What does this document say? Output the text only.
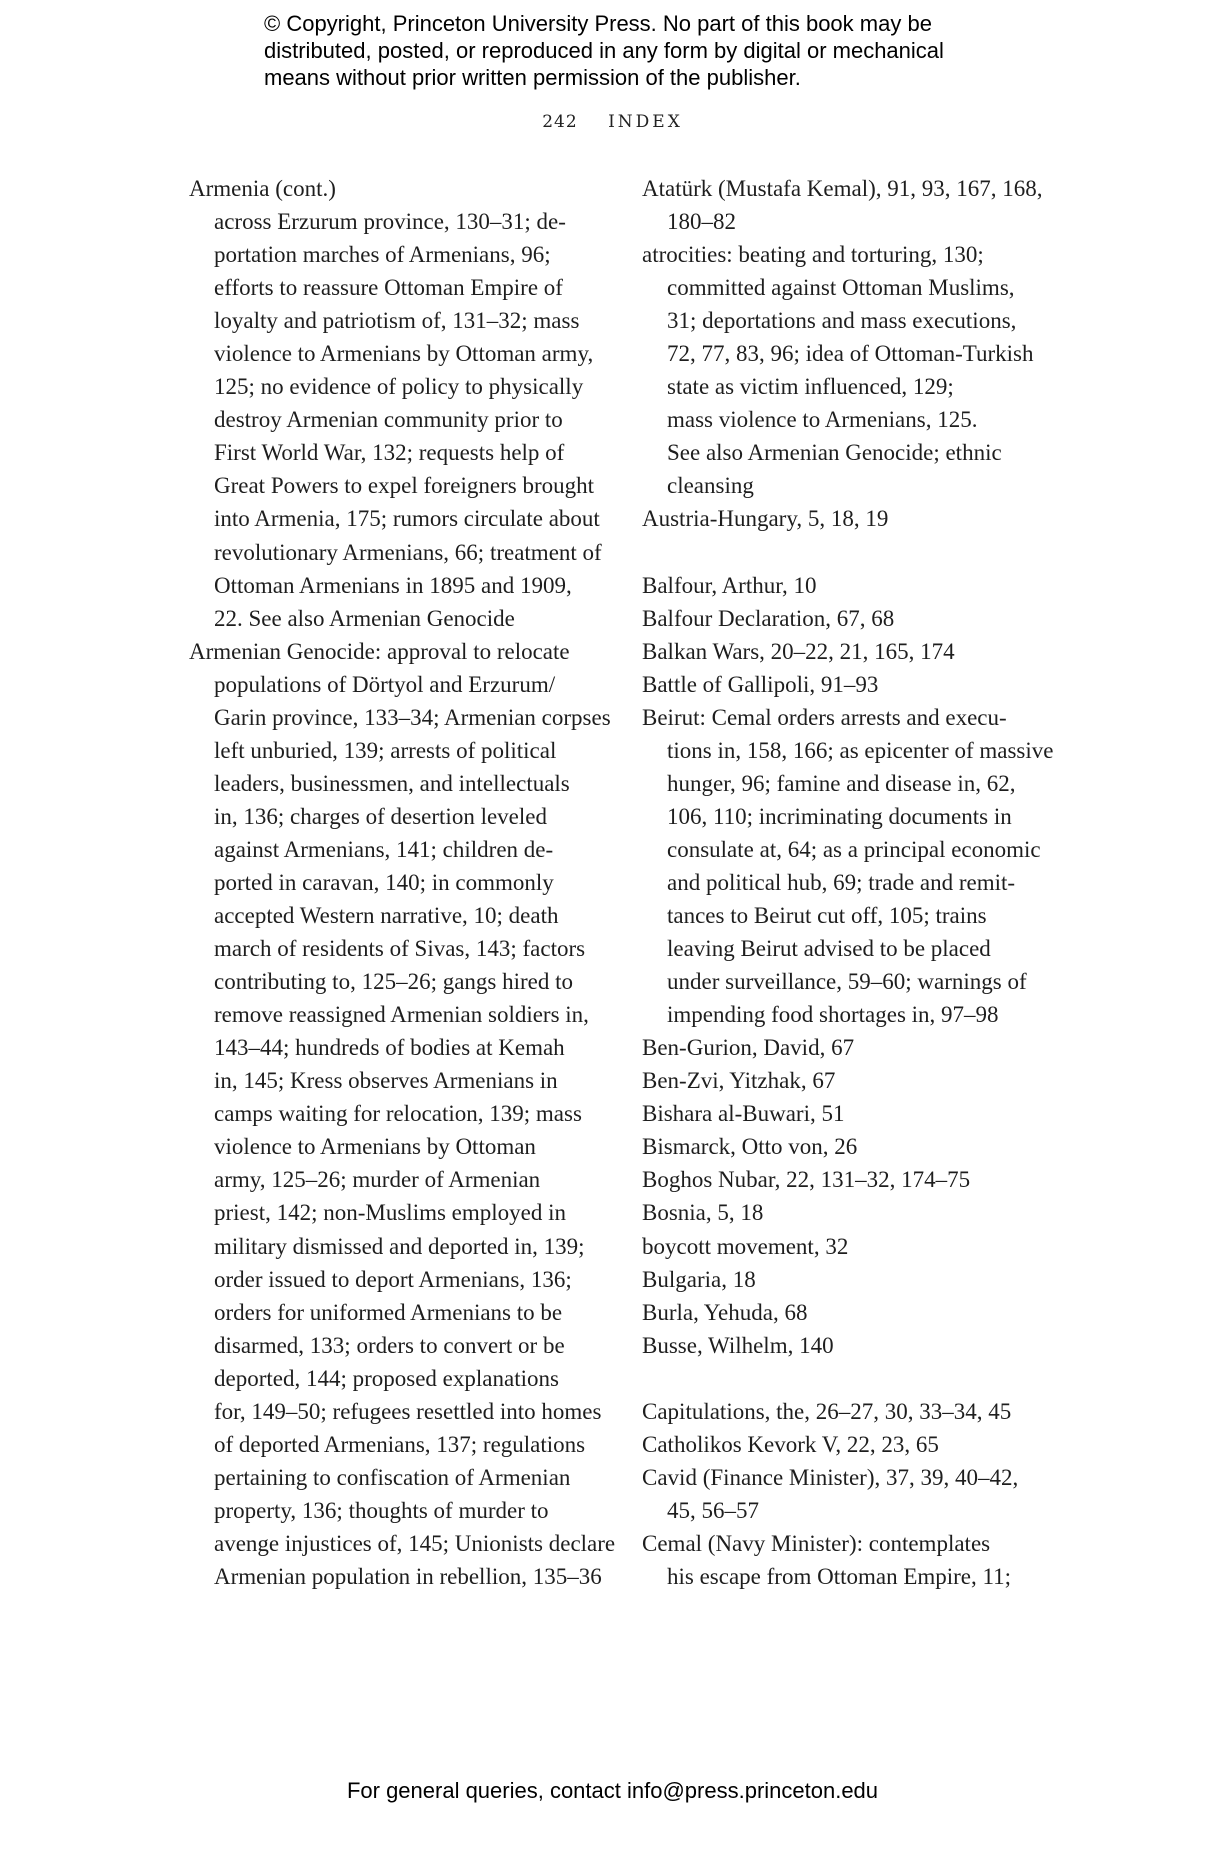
© Copyright, Princeton University Press. No part of this book may be
distributed, posted, or reproduced in any form by digital or mechanical
means without prior written permission of the publisher.
242 INDEX
Armenia (cont.)
across Erzurum province, 130–31; de-
portation marches of Armenians, 96;
efforts to reassure Ottoman Empire of
loyalty and patriotism of, 131–32; mass
violence to Armenians by Ottoman army,
125; no evidence of policy to physically
destroy Armenian community prior to
First World War, 132; requests help of
Great Powers to expel foreigners brought
into Armenia, 175; rumors circulate about
revolutionary Armenians, 66; treatment of
Ottoman Armenians in 1895 and 1909,
22. See also Armenian Genocide
Armenian Genocide: approval to relocate
populations of Dörtyol and Erzurum/
Garin province, 133–34; Armenian corpses
left unburied, 139; arrests of political
leaders, businessmen, and intellectuals
in, 136; charges of desertion leveled
against Armenians, 141; children de-
ported in caravan, 140; in commonly
accepted Western narrative, 10; death
march of residents of Sivas, 143; factors
contributing to, 125–26; gangs hired to
remove reassigned Armenian soldiers in,
143–44; hundreds of bodies at Kemah
in, 145; Kress observes Armenians in
camps waiting for relocation, 139; mass
violence to Armenians by Ottoman
army, 125–26; murder of Armenian
priest, 142; non-Muslims employed in
military dismissed and deported in, 139;
order issued to deport Armenians, 136;
orders for uniformed Armenians to be
disarmed, 133; orders to convert or be
deported, 144; proposed explanations
for, 149–50; refugees resettled into homes
of deported Armenians, 137; regulations
pertaining to confiscation of Armenian
property, 136; thoughts of murder to
avenge injustices of, 145; Unionists declare
Armenian population in rebellion, 135–36
Atatürk (Mustafa Kemal), 91, 93, 167, 168,
180–82
atrocities: beating and torturing, 130;
committed against Ottoman Muslims,
31; deportations and mass executions,
72, 77, 83, 96; idea of Ottoman-Turkish
state as victim influenced, 129;
mass violence to Armenians, 125.
See also Armenian Genocide; ethnic
cleansing
Austria-Hungary, 5, 18, 19
Balfour, Arthur, 10
Balfour Declaration, 67, 68
Balkan Wars, 20–22, 21, 165, 174
Battle of Gallipoli, 91–93
Beirut: Cemal orders arrests and execu-
tions in, 158, 166; as epicenter of massive
hunger, 96; famine and disease in, 62,
106, 110; incriminating documents in
consulate at, 64; as a principal economic
and political hub, 69; trade and remit-
tances to Beirut cut off, 105; trains
leaving Beirut advised to be placed
under surveillance, 59–60; warnings of
impending food shortages in, 97–98
Ben-Gurion, David, 67
Ben-Zvi, Yitzhak, 67
Bishara al-Buwari, 51
Bismarck, Otto von, 26
Boghos Nubar, 22, 131–32, 174–75
Bosnia, 5, 18
boycott movement, 32
Bulgaria, 18
Burla, Yehuda, 68
Busse, Wilhelm, 140
Capitulations, the, 26–27, 30, 33–34, 45
Catholikos Kevork V, 22, 23, 65
Cavid (Finance Minister), 37, 39, 40–42,
45, 56–57
Cemal (Navy Minister): contemplates
his escape from Ottoman Empire, 11;
For general queries, contact info@press.princeton.edu
